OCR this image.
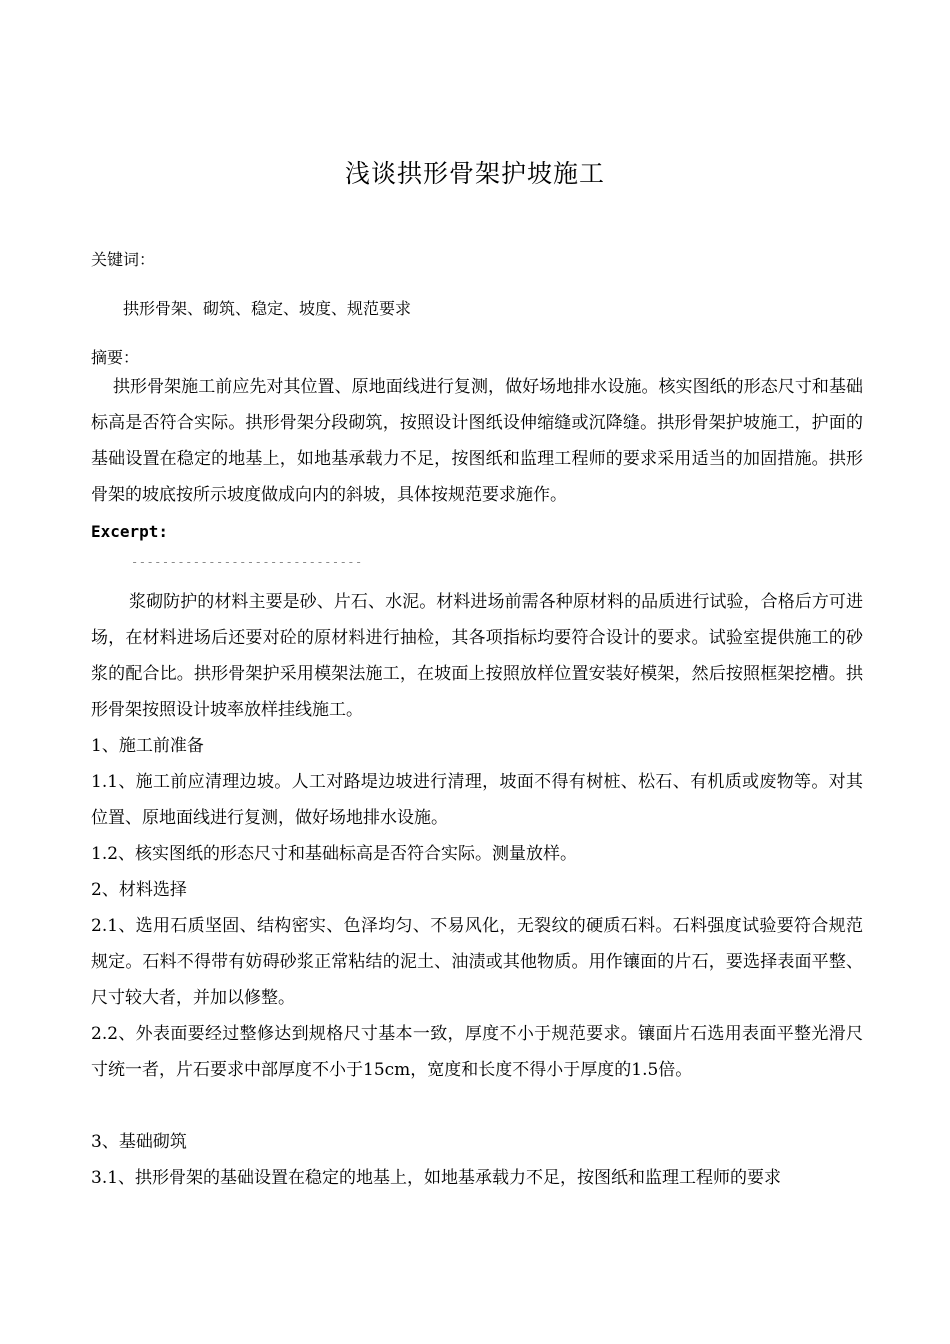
浅谈拱形骨架护坡施工
关键词：
拱形骨架、砌筑、稳定、坡度、规范要求
摘要：

拱形骨架施工前应先对其位置、原地面线进行复测，做好场地排水设施。核实图纸的形态尺寸和基础标高是否符合实际。拱形骨架分段砌筑，按照设计图纸设伸缩缝或沉降缝。拱形骨架护坡施工，护面的基础设置在稳定的地基上，如地基承载力不足，按图纸和监理工程师的要求采用适当的加固措施。拱形骨架的坡底按所示坡度做成向内的斜坡，具体按规范要求施作。

Excerpt:
------------------------------

浆砌防护的材料主要是砂、片石、水泥。材料进场前需各种原材料的品质进行试验，合格后方可进场，在材料进场后还要对砼的原材料进行抽检，其各项指标均要符合设计的要求。试验室提供施工的砂浆的配合比。拱形骨架护采用模架法施工，在坡面上按照放样位置安装好模架，然后按照框架挖槽。拱形骨架按照设计坡率放样挂线施工。

1、施工前准备

1.1、施工前应清理边坡。人工对路堤边坡进行清理，坡面不得有树桩、松石、有机质或废物等。对其位置、原地面线进行复测，做好场地排水设施。

1.2、核实图纸的形态尺寸和基础标高是否符合实际。测量放样。

2、材料选择

2.1、选用石质坚固、结构密实、色泽均匀、不易风化，无裂纹的硬质石料。石料强度试验要符合规范规定。石料不得带有妨碍砂浆正常粘结的泥土、油渍或其他物质。用作镶面的片石，要选择表面平整、尺寸较大者，并加以修整。

2.2、外表面要经过整修达到规格尺寸基本一致，厚度不小于规范要求。镶面片石选用表面平整光滑尺寸统一者，片石要求中部厚度不小于15cm，宽度和长度不得小于厚度的1.5倍。

3、基础砌筑

3.1、拱形骨架的基础设置在稳定的地基上，如地基承载力不足，按图纸和监理工程师的要求
